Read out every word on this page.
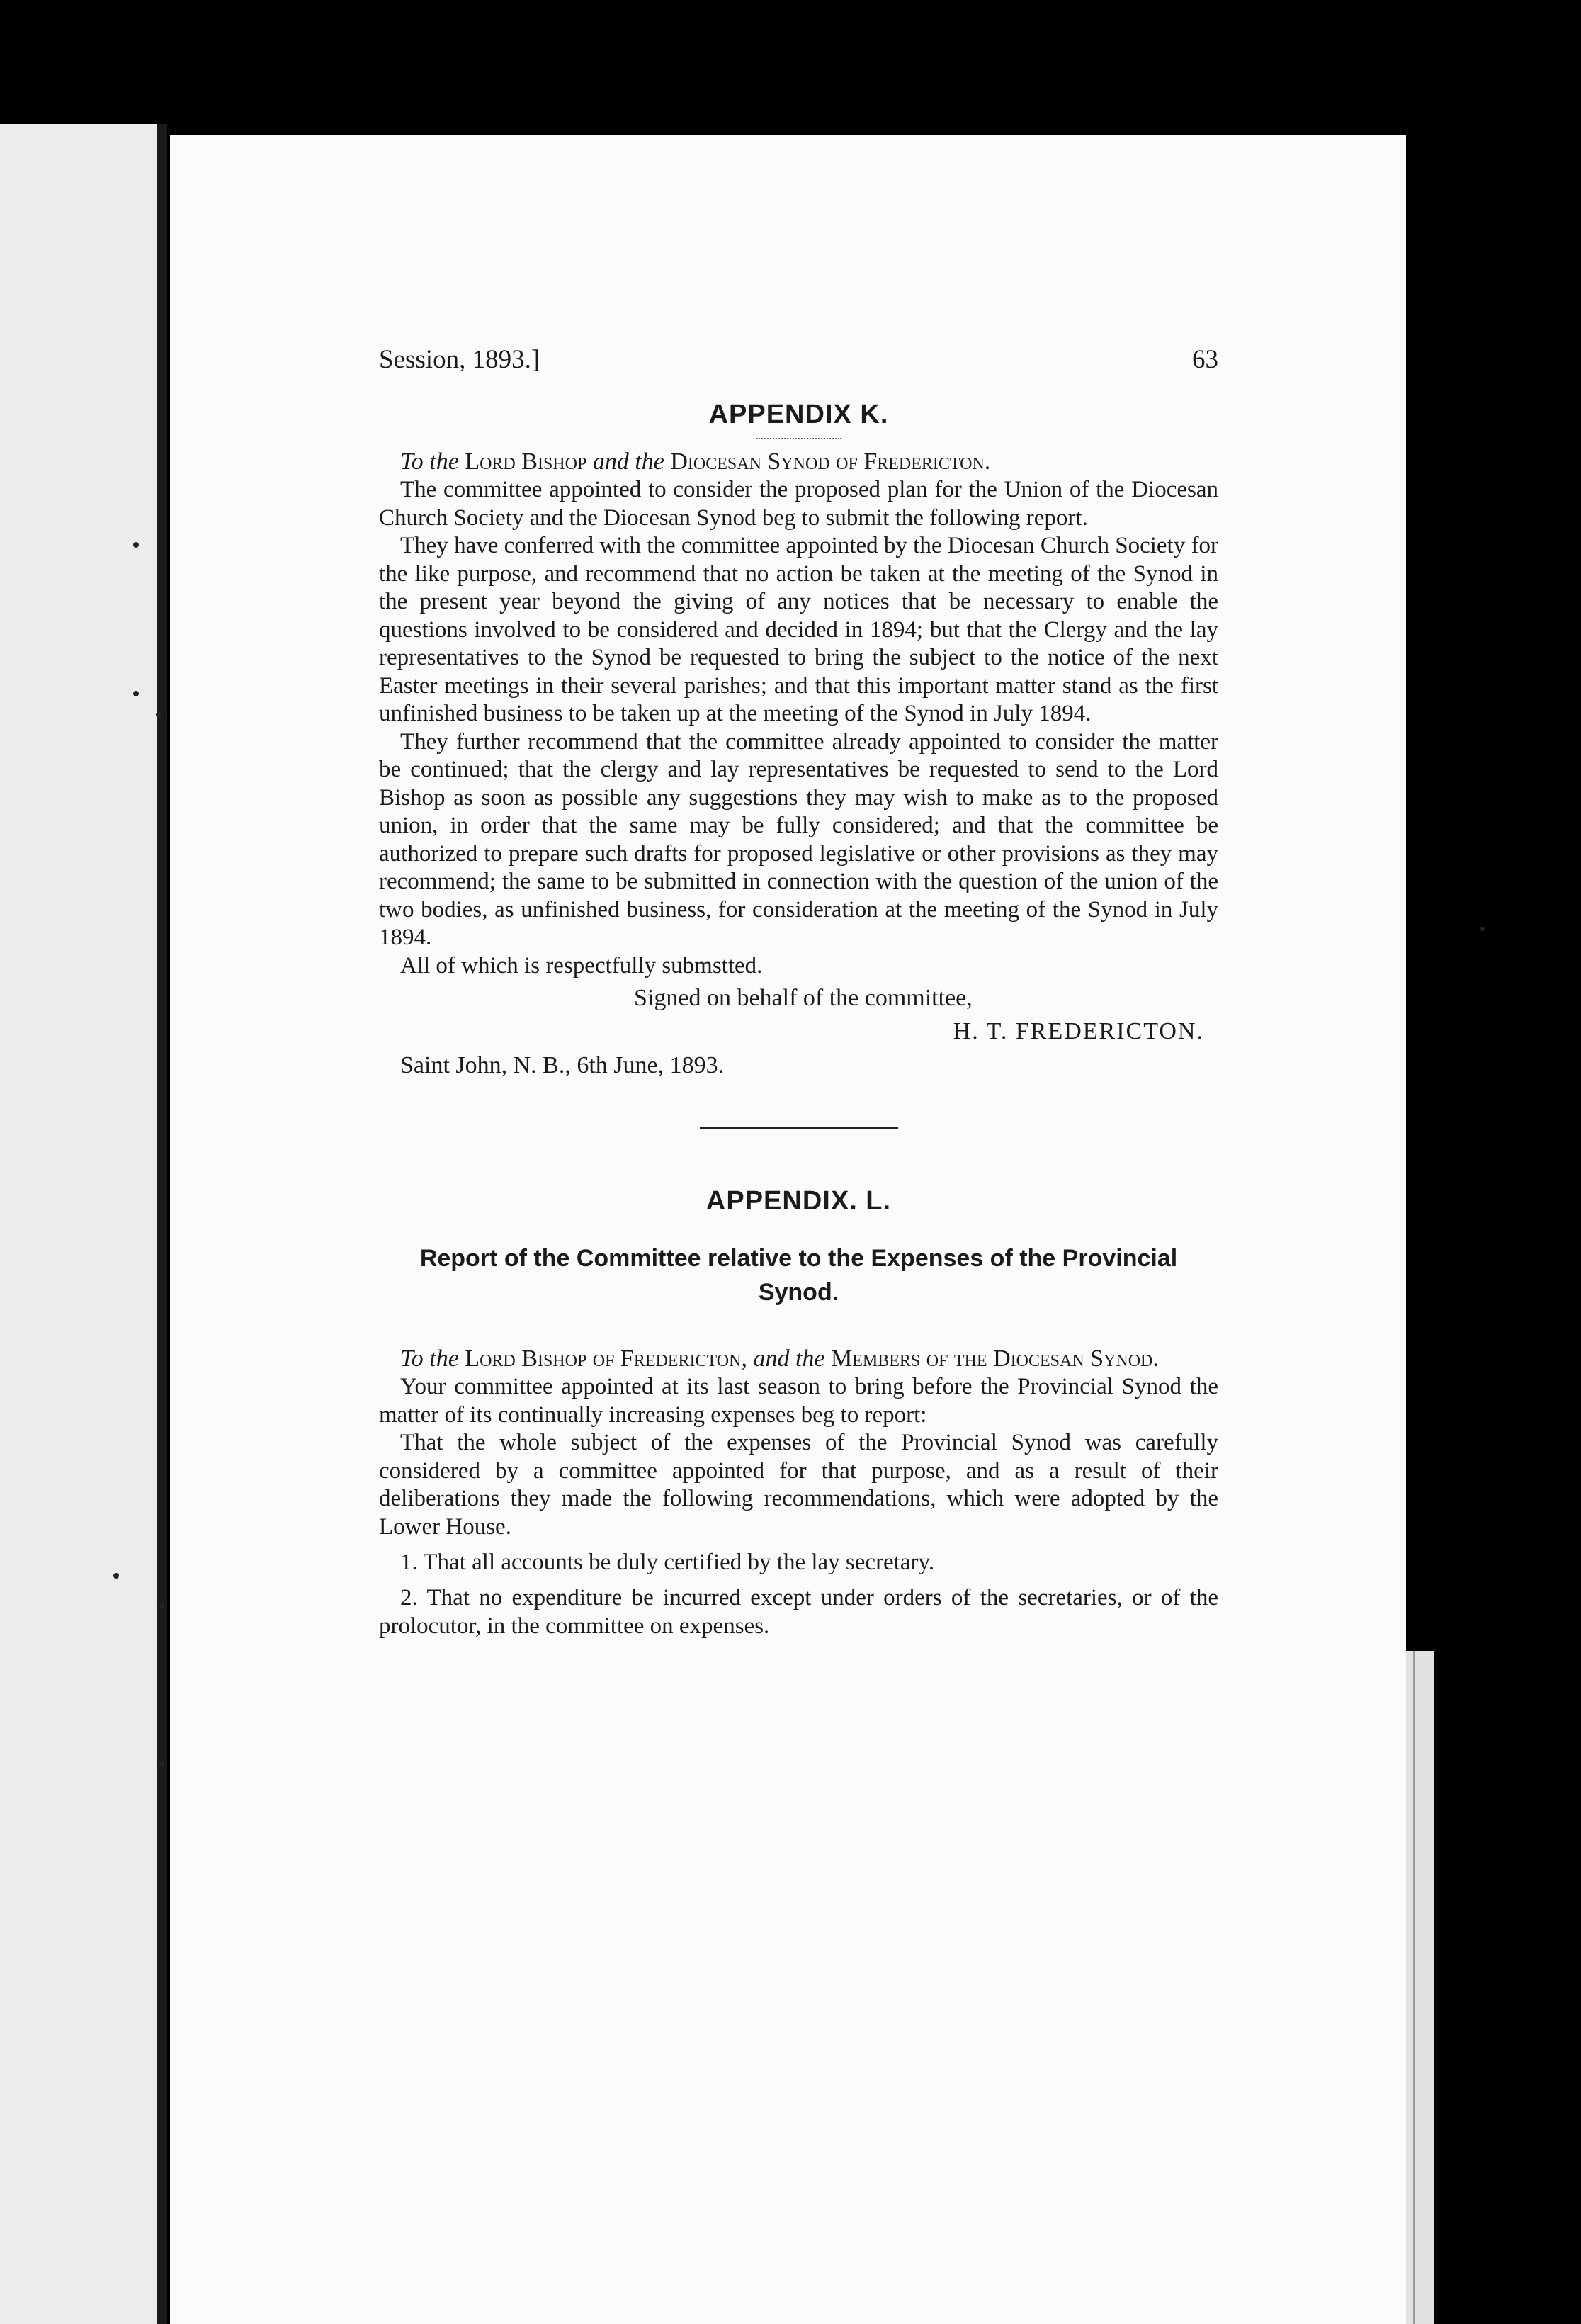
Session, 1893.]	63
APPENDIX K.

To the Lord Bishop and the Diocesan Synod of Fredericton.

The committee appointed to consider the proposed plan for the Union of the Diocesan Church Society and the Diocesan Synod beg to submit the following report.

They have conferred with the committee appointed by the Diocesan Church Society for the like purpose, and recommend that no action be taken at the meeting of the Synod in the present year beyond the giving of any notices that be necessary to enable the questions involved to be considered and decided in 1894; but that the Clergy and the lay representatives to the Synod be requested to bring the subject to the notice of the next Easter meetings in their several parishes; and that this important matter stand as the first unfinished business to be taken up at the meeting of the Synod in July 1894.

They further recommend that the committee already appointed to consider the matter be continued; that the clergy and lay representatives be requested to send to the Lord Bishop as soon as possible any suggestions they may wish to make as to the proposed union, in order that the same may be fully considered; and that the committee be authorized to prepare such drafts for proposed legislative or other provisions as they may recommend; the same to be submitted in connection with the question of the union of the two bodies, as unfinished business, for consideration at the meeting of the Synod in July 1894.

All of which is respectfully submstted.

Signed on behalf of the committee,
H. T. FREDERICTON.
Saint John, N. B., 6th June, 1893.
APPENDIX. L.
Report of the Committee relative to the Expenses of the Provincial Synod.

To the Lord Bishop of Fredericton, and the Members of the Diocesan Synod.

Your committee appointed at its last season to bring before the Provincial Synod the matter of its continually increasing expenses beg to report:

That the whole subject of the expenses of the Provincial Synod was carefully considered by a committee appointed for that purpose, and as a result of their deliberations they made the following recommendations, which were adopted by the Lower House.

1. That all accounts be duly certified by the lay secretary.

2. That no expenditure be incurred except under orders of the secretaries, or of the prolocutor, in the committee on expenses.
